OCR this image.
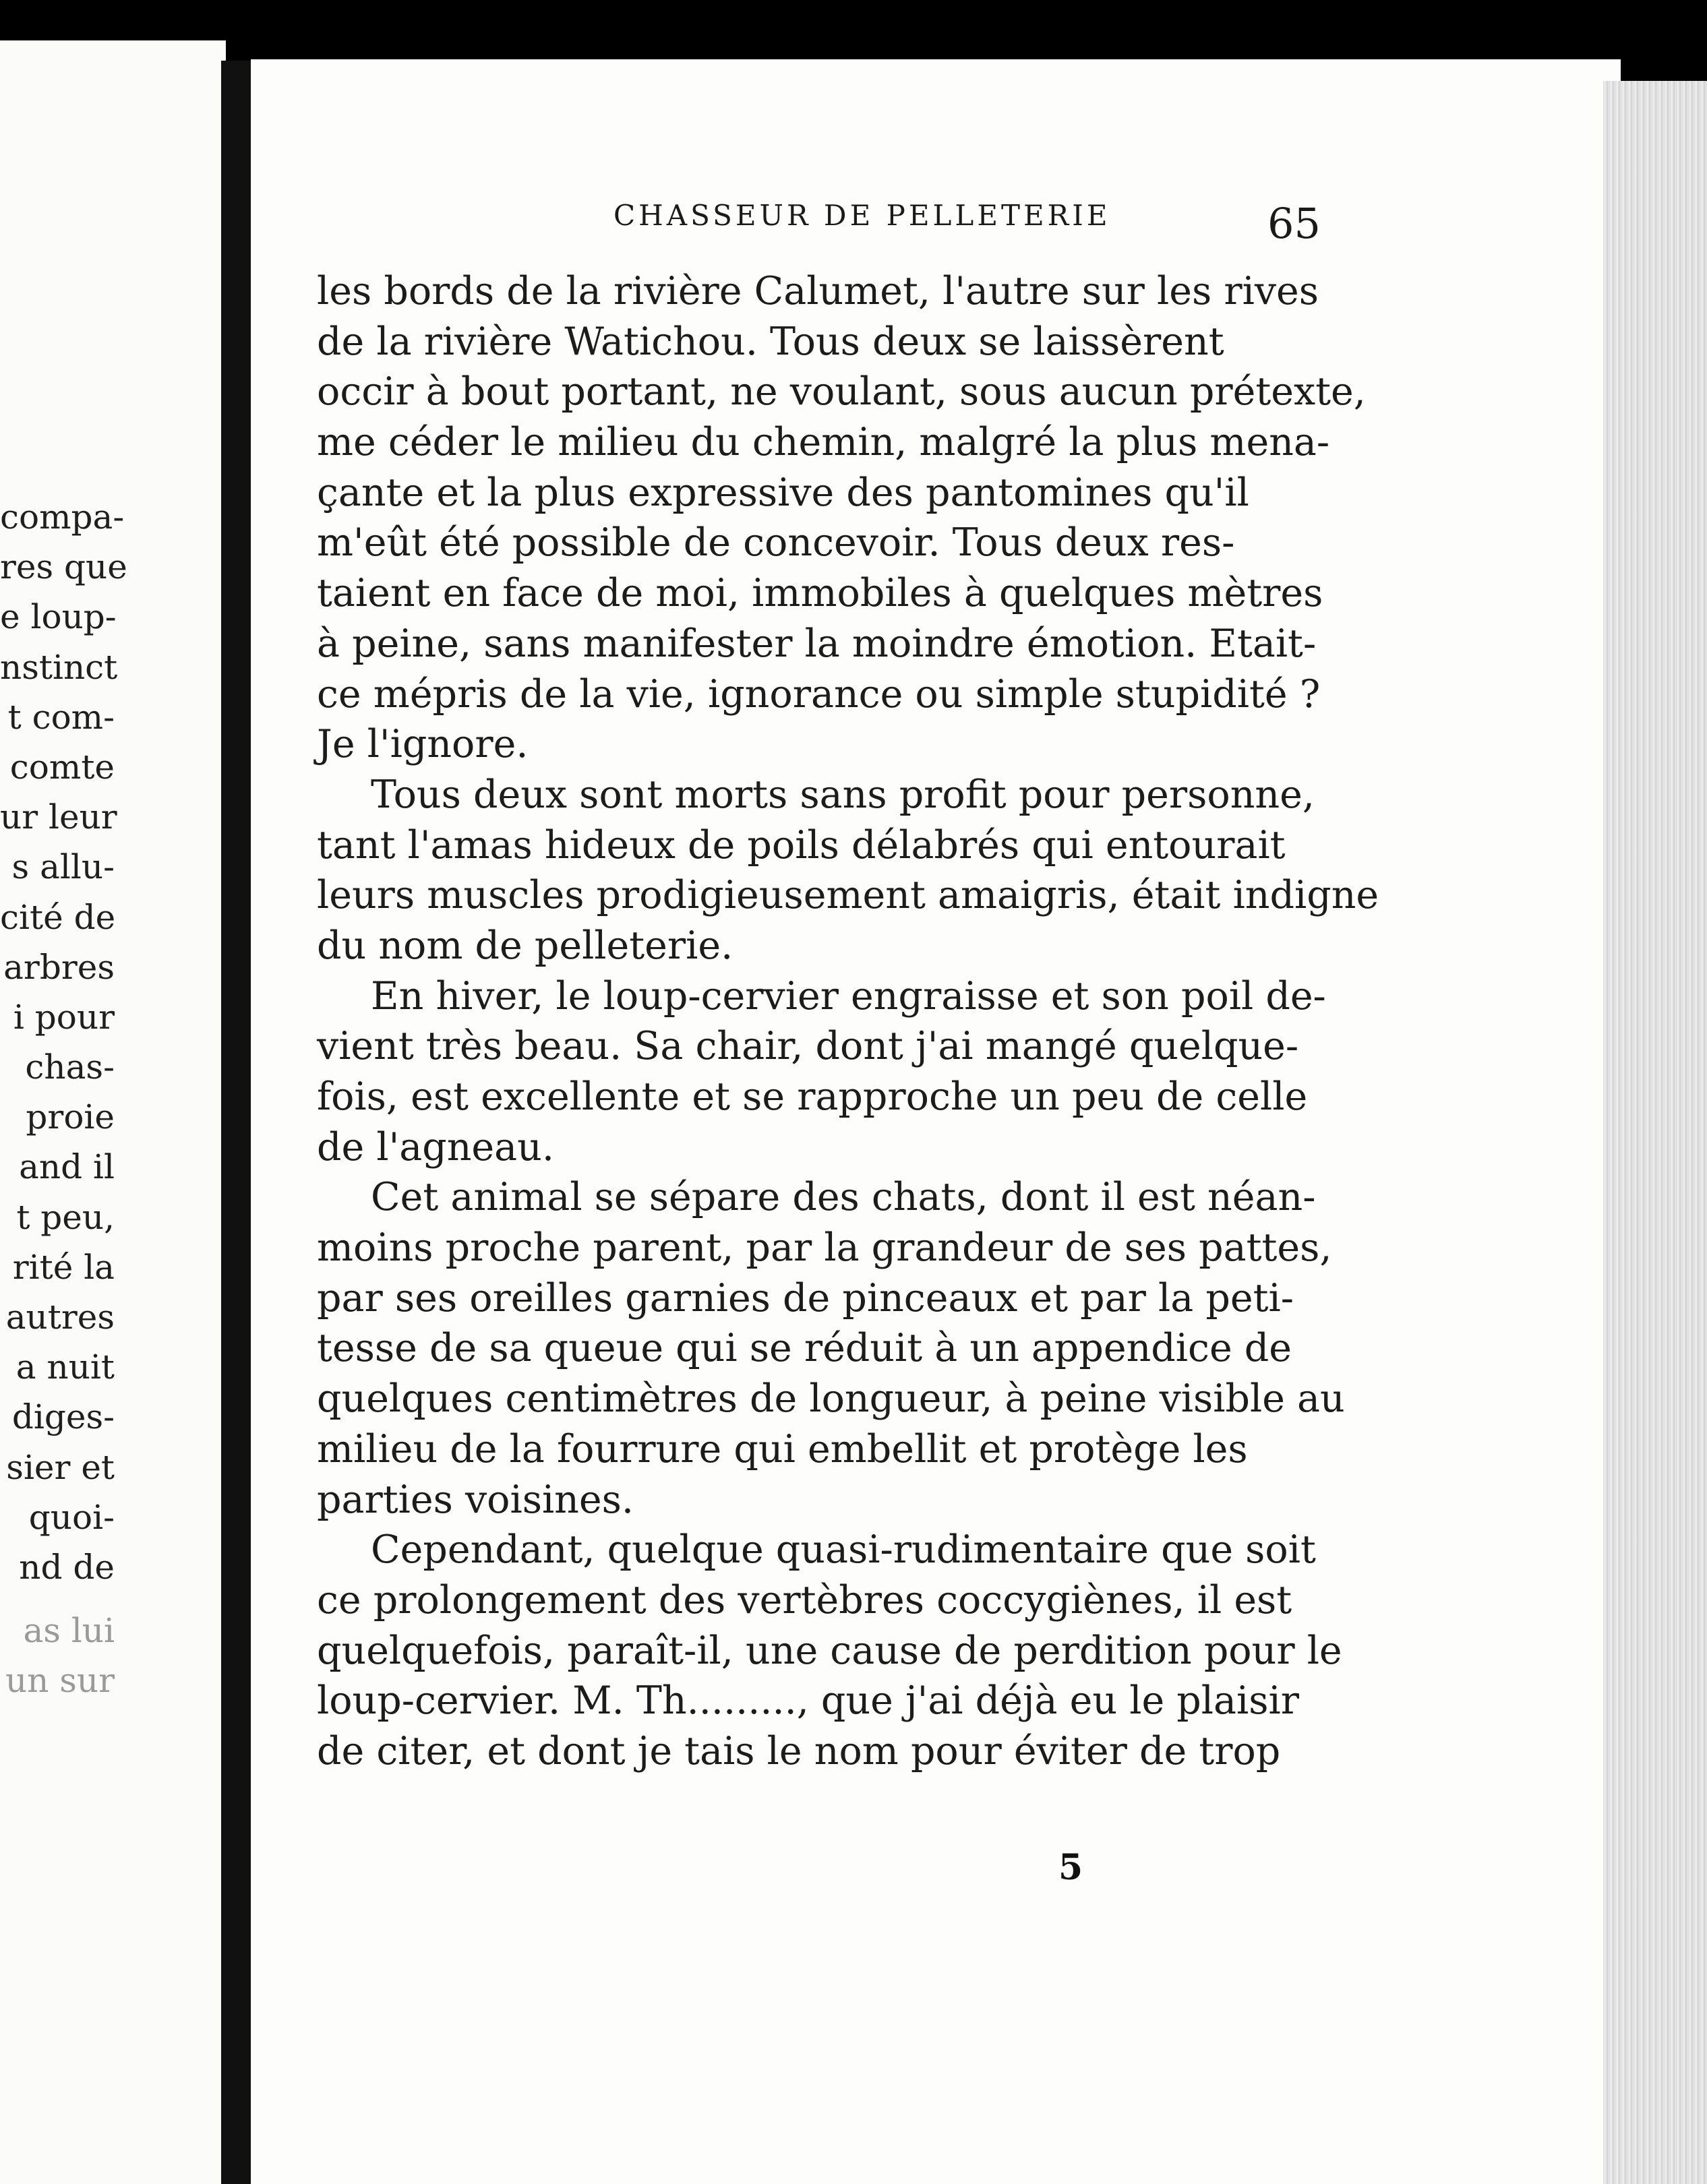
compa-
res que
e loup-
nstinct
t com-
comte
ur leur
s allu-
cité de
arbres
i pour
chas-
proie
and il
t peu,
rité la
autres
a nuit
diges-
sier et
quoi-
nd de
as lui
un sur
CHASSEUR DE PELLETERIE	65
les bords de la rivière Calumet, l'autre sur les rives
de la rivière Watichou. Tous deux se laissèrent
occir à bout portant, ne voulant, sous aucun prétexte,
me céder le milieu du chemin, malgré la plus mena-
çante et la plus expressive des pantomines qu'il
m'eût été possible de concevoir. Tous deux res-
taient en face de moi, immobiles à quelques mètres
à peine, sans manifester la moindre émotion. Etait-
ce mépris de la vie, ignorance ou simple stupidité ?
Je l'ignore.
Tous deux sont morts sans profit pour personne,
tant l'amas hideux de poils délabrés qui entourait
leurs muscles prodigieusement amaigris, était indigne
du nom de pelleterie.
En hiver, le loup-cervier engraisse et son poil de-
vient très beau. Sa chair, dont j'ai mangé quelque-
fois, est excellente et se rapproche un peu de celle
de l'agneau.
Cet animal se sépare des chats, dont il est néan-
moins proche parent, par la grandeur de ses pattes,
par ses oreilles garnies de pinceaux et par la peti-
tesse de sa queue qui se réduit à un appendice de
quelques centimètres de longueur, à peine visible au
milieu de la fourrure qui embellit et protège les
parties voisines.
Cependant, quelque quasi-rudimentaire que soit
ce prolongement des vertèbres coccygiènes, il est
quelquefois, paraît-il, une cause de perdition pour le
loup-cervier. M. Th........., que j'ai déjà eu le plaisir
de citer, et dont je tais le nom pour éviter de trop
5
